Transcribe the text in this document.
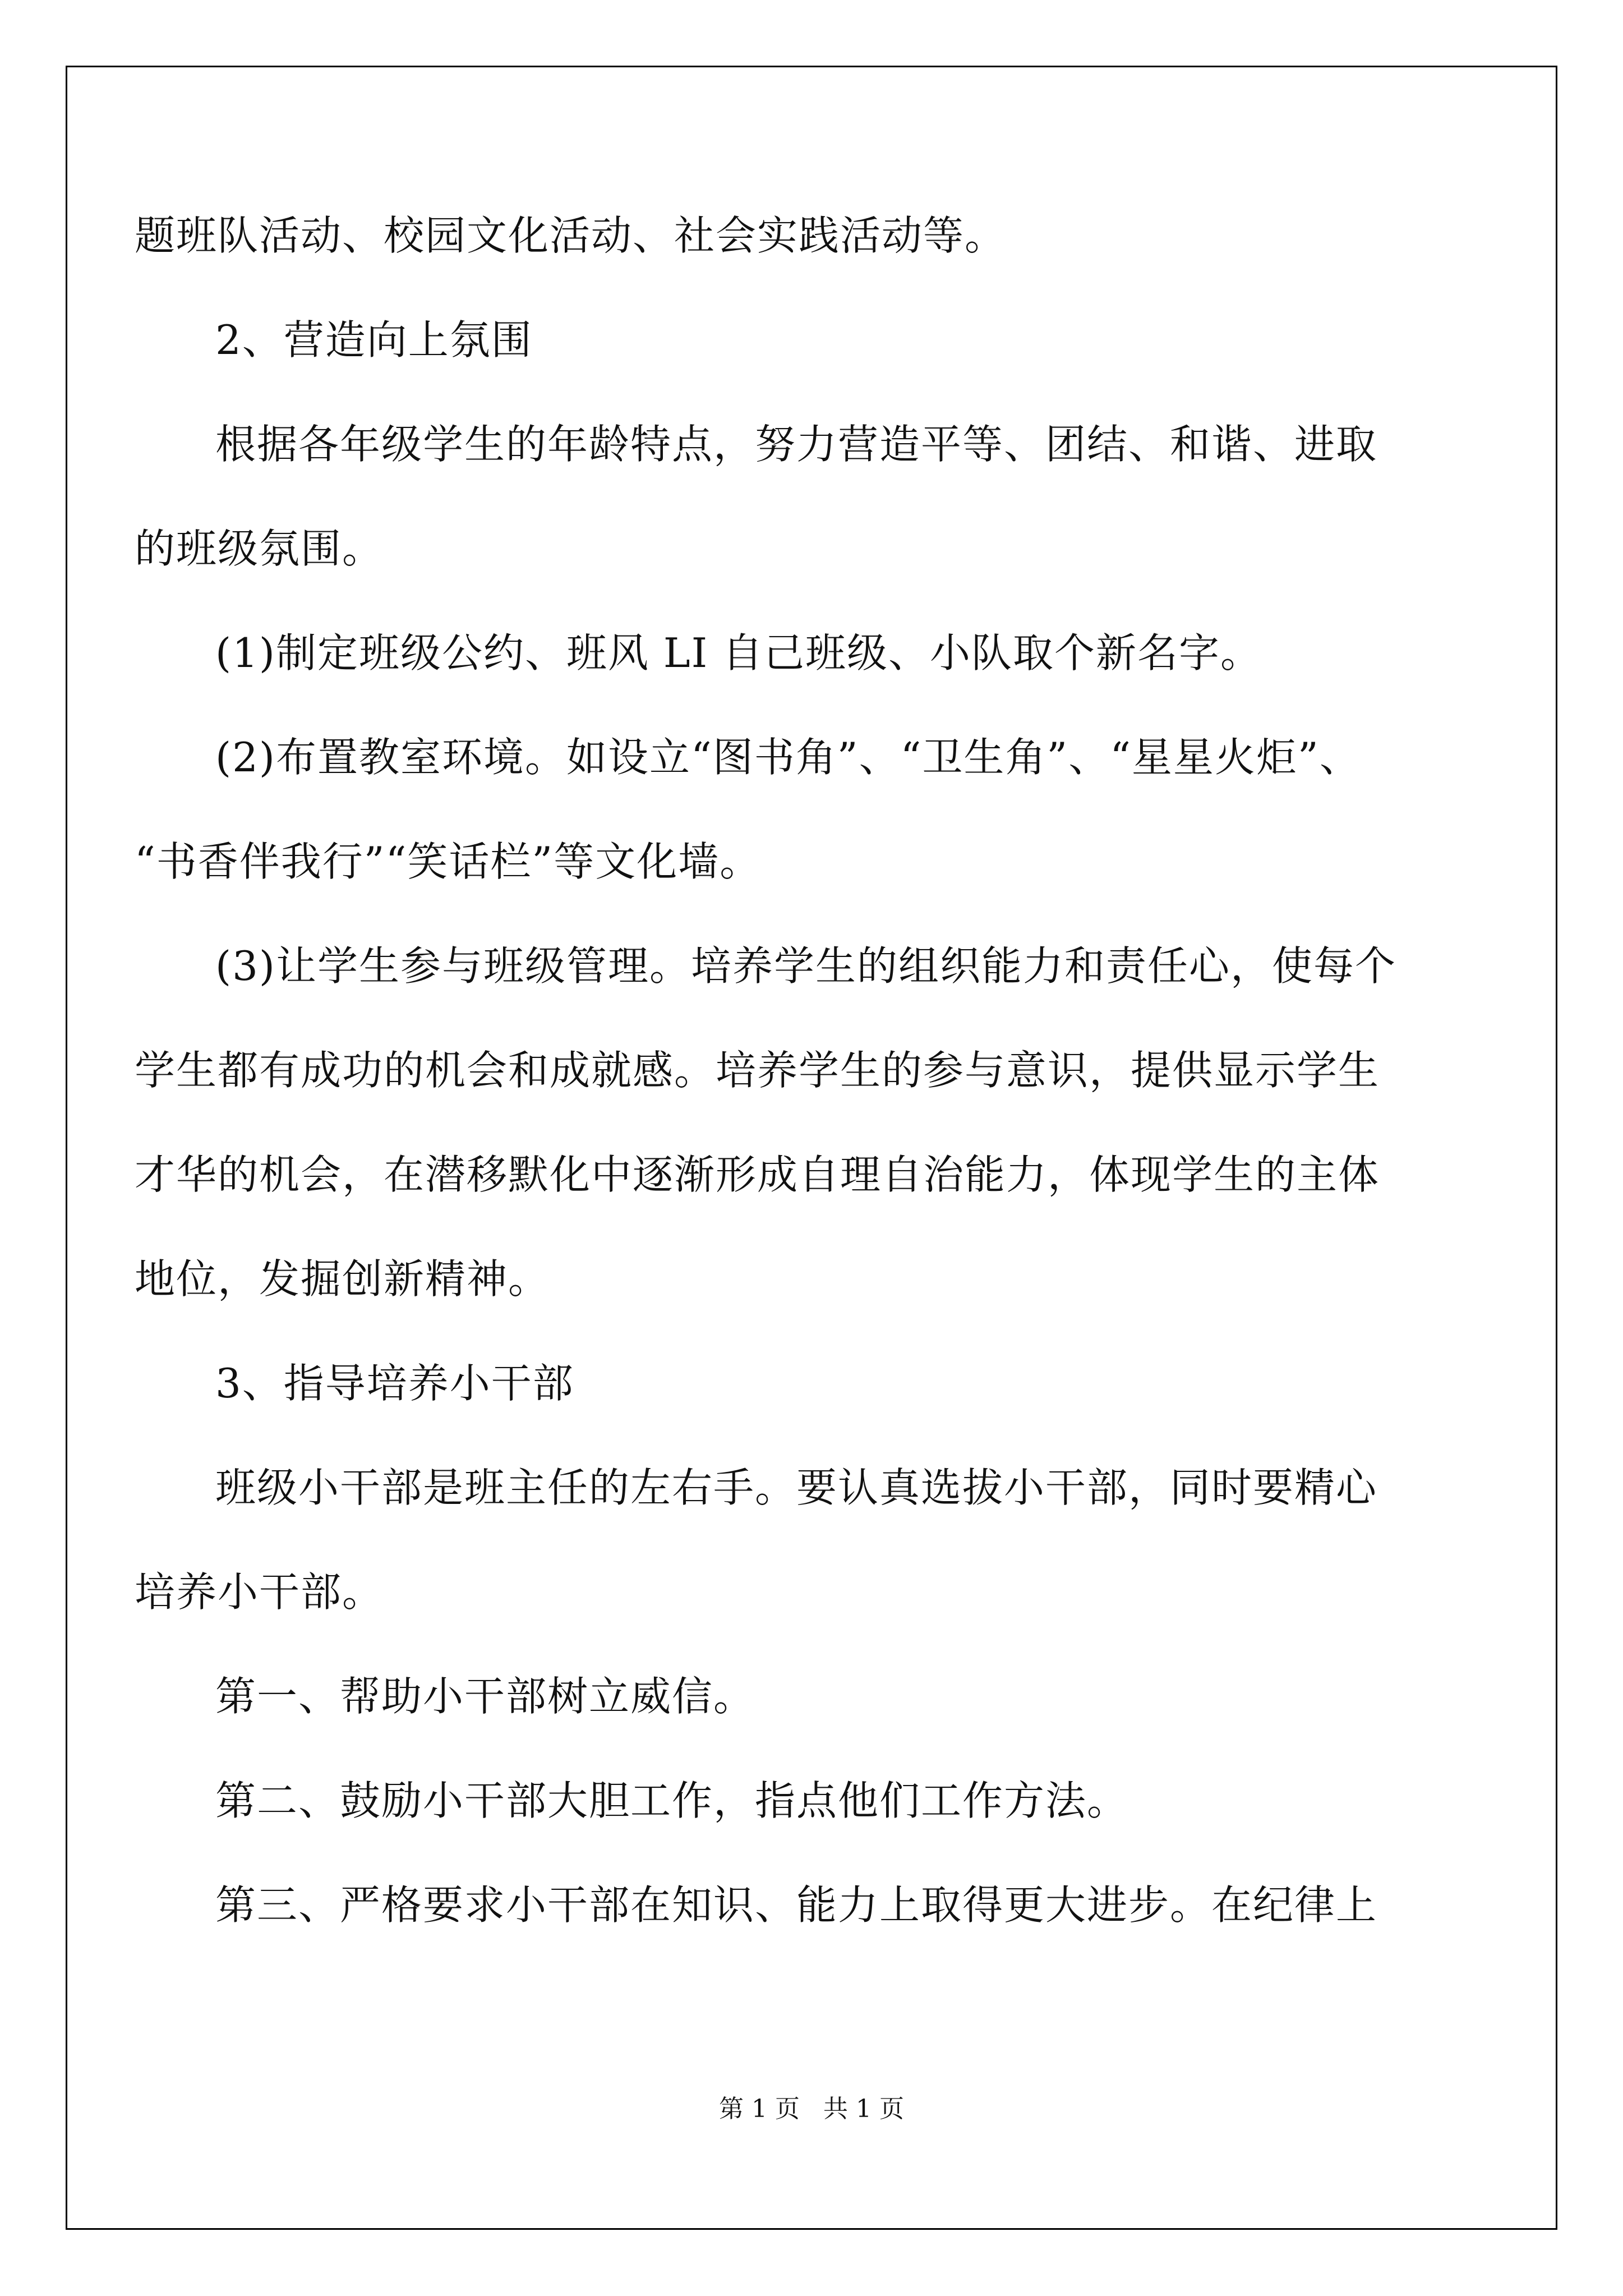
题班队活动、校园文化活动、社会实践活动等。
2、营造向上氛围
根据各年级学生的年龄特点，努力营造平等、团结、和谐、进取
的班级氛围。
(1)制定班级公约、班风 LI 自己班级、小队取个新名字。
(2)布置教室环境。如设立“图书角”、“卫生角”、“星星火炬”、
“书香伴我行”“笑话栏”等文化墙。
(3)让学生参与班级管理。培养学生的组织能力和责任心，使每个
学生都有成功的机会和成就感。培养学生的参与意识，提供显示学生
才华的机会，在潜移默化中逐渐形成自理自治能力，体现学生的主体
地位，发掘创新精神。
3、指导培养小干部
班级小干部是班主任的左右手。要认真选拔小干部，同时要精心
培养小干部。
第一、帮助小干部树立威信。
第二、鼓励小干部大胆工作，指点他们工作方法。
第三、严格要求小干部在知识、能力上取得更大进步。在纪律上
第 1 页   共 1 页
